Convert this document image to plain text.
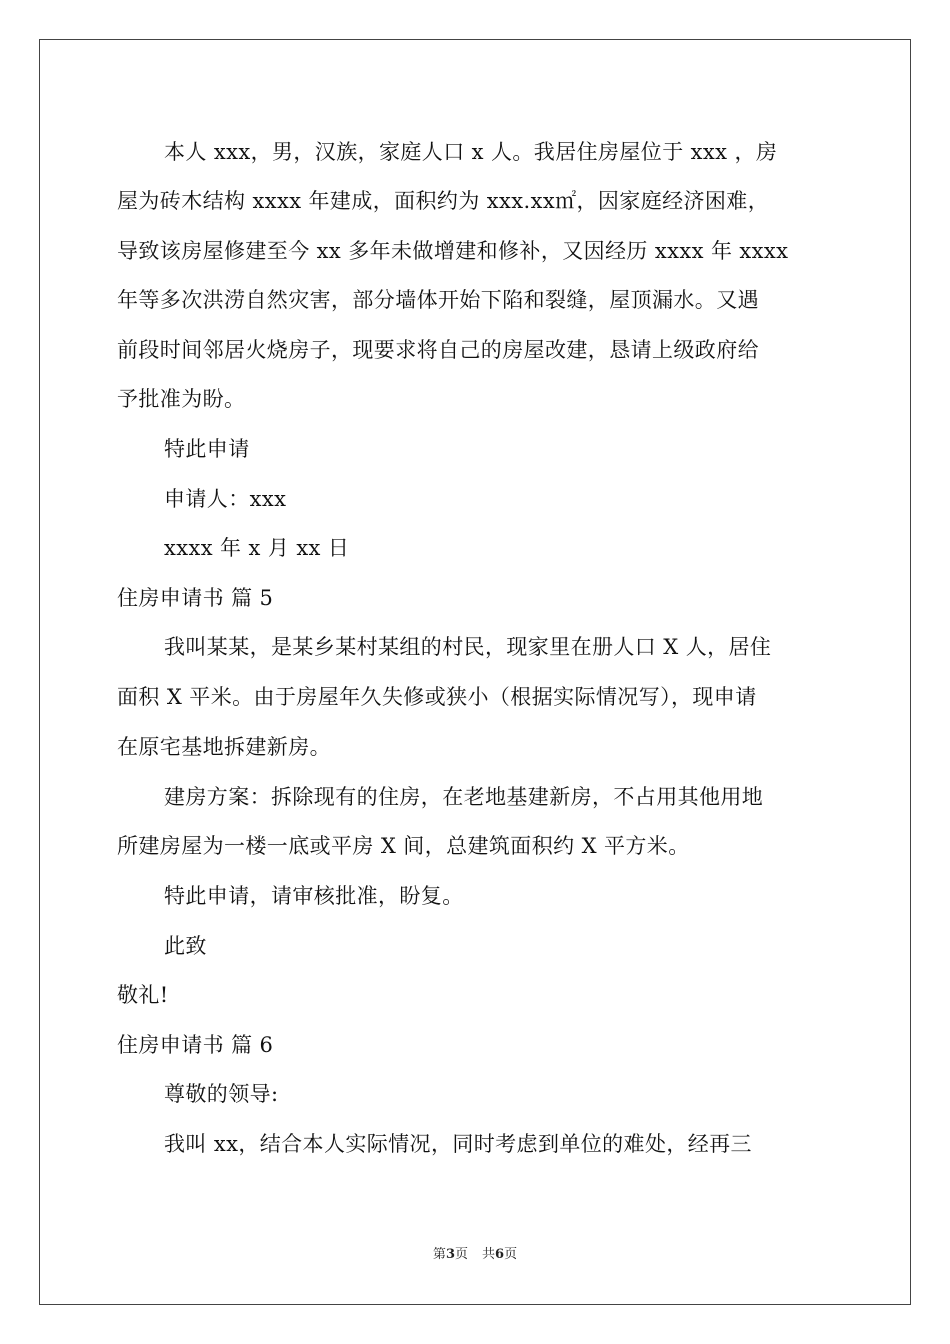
本人 xxx，男，汉族，家庭人口 x 人。我居住房屋位于 xxx ，房
屋为砖木结构 xxxx 年建成，面积约为 xxx.xx㎡，因家庭经济困难，
导致该房屋修建至今 xx 多年未做增建和修补，又因经历 xxxx 年 xxxx
年等多次洪涝自然灾害，部分墙体开始下陷和裂缝，屋顶漏水。又遇
前段时间邻居火烧房子，现要求将自己的房屋改建，恳请上级政府给
予批准为盼。
特此申请
申请人：xxx
xxxx 年 x 月 xx 日
住房申请书 篇 5
我叫某某，是某乡某村某组的村民，现家里在册人口 X 人，居住
面积 X 平米。由于房屋年久失修或狭小（根据实际情况写），现申请
在原宅基地拆建新房。
建房方案：拆除现有的住房，在老地基建新房，不占用其他用地
所建房屋为一楼一底或平房 X 间，总建筑面积约 X 平方米。
特此申请，请审核批准，盼复。
此致
敬礼!
住房申请书 篇 6
尊敬的领导:
我叫 xx，结合本人实际情况，同时考虑到单位的难处，经再三
第3页 共6页
